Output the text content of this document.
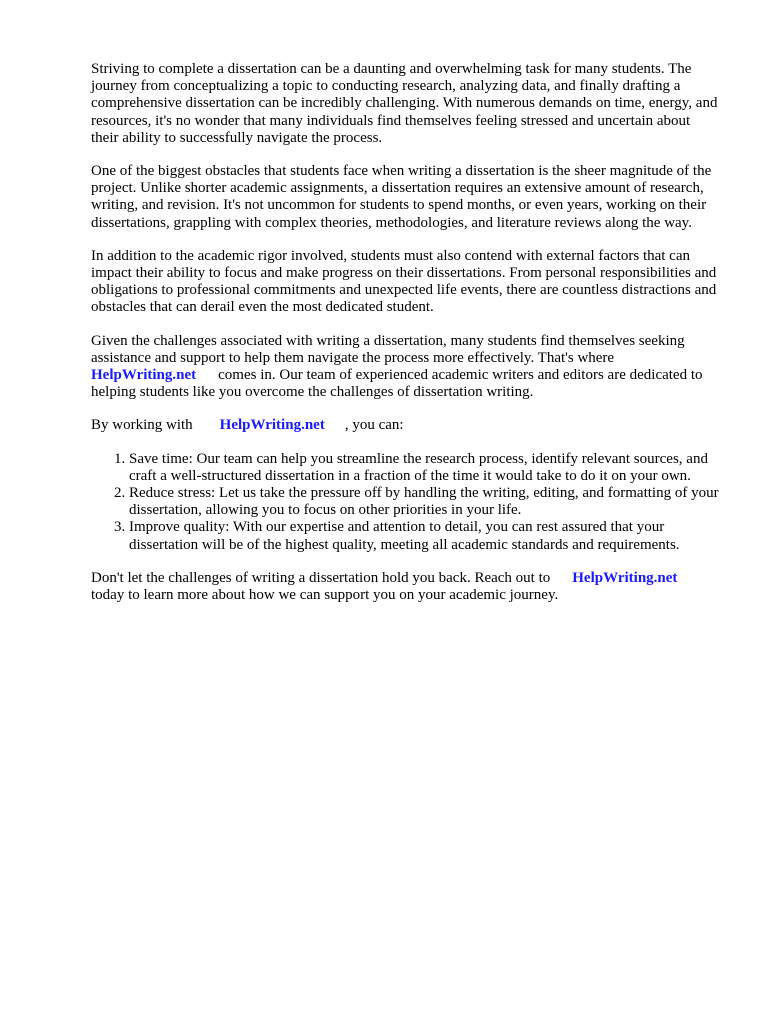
Striving to complete a dissertation can be a daunting and overwhelming task for many students. The journey from conceptualizing a topic to conducting research, analyzing data, and finally drafting a comprehensive dissertation can be incredibly challenging. With numerous demands on time, energy, and resources, it's no wonder that many individuals find themselves feeling stressed and uncertain about their ability to successfully navigate the process.

One of the biggest obstacles that students face when writing a dissertation is the sheer magnitude of the project. Unlike shorter academic assignments, a dissertation requires an extensive amount of research, writing, and revision. It's not uncommon for students to spend months, or even years, working on their dissertations, grappling with complex theories, methodologies, and literature reviews along the way.

In addition to the academic rigor involved, students must also contend with external factors that can impact their ability to focus and make progress on their dissertations. From personal responsibilities and obligations to professional commitments and unexpected life events, there are countless distractions and obstacles that can derail even the most dedicated student.

Given the challenges associated with writing a dissertation, many students find themselves seeking assistance and support to help them navigate the process more effectively. That's where
HelpWriting.net comes in. Our team of experienced academic writers and editors are dedicated to helping students like you overcome the challenges of dissertation writing.

By working with HelpWriting.net , you can:

1. Save time: Our team can help you streamline the research process, identify relevant sources, and craft a well-structured dissertation in a fraction of the time it would take to do it on your own.
2. Reduce stress: Let us take the pressure off by handling the writing, editing, and formatting of your dissertation, allowing you to focus on other priorities in your life.
3. Improve quality: With our expertise and attention to detail, you can rest assured that your dissertation will be of the highest quality, meeting all academic standards and requirements.

Don't let the challenges of writing a dissertation hold you back. Reach out to HelpWriting.net
today to learn more about how we can support you on your academic journey.
